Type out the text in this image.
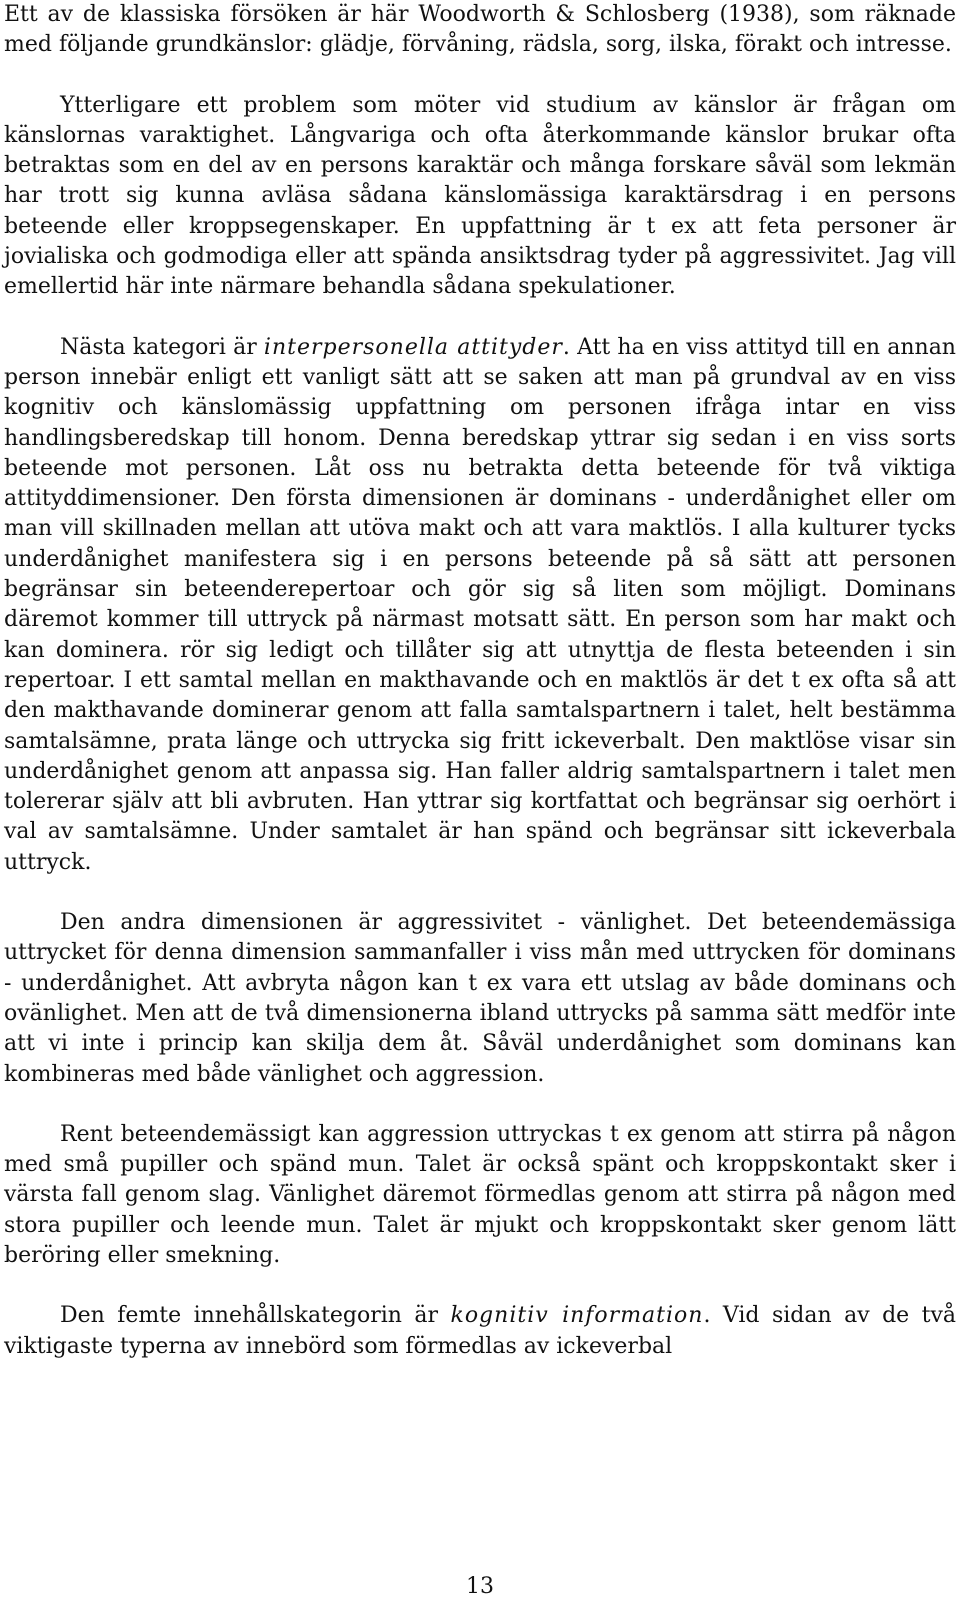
Ett av de klassiska försöken är här Woodworth & Schlosberg (1938), som räknade med följande grundkänslor: glädje, förvåning, rädsla, sorg, ilska, förakt och intresse.

Ytterligare ett problem som möter vid studium av känslor är frågan om känslornas varaktighet. Långvariga och ofta återkommande känslor brukar ofta betraktas som en del av en persons karaktär och många forskare såväl som lekmän har trott sig kunna avläsa sådana känslomässiga karaktärsdrag i en persons beteende eller kroppsegenskaper. En uppfattning är t ex att feta personer är jovialiska och godmodiga eller att spända ansiktsdrag tyder på aggressivitet. Jag vill emellertid här inte närmare behandla sådana spekulationer.

Nästa kategori är interpersonella attityder. Att ha en viss attityd till en annan person innebär enligt ett vanligt sätt att se saken att man på grundval av en viss kognitiv och känslomässig uppfattning om personen ifråga intar en viss handlingsberedskap till honom. Denna beredskap yttrar sig sedan i en viss sorts beteende mot personen. Låt oss nu betrakta detta beteende för två viktiga attityddimensioner. Den första dimensionen är dominans - underdånighet eller om man vill skillnaden mellan att utöva makt och att vara maktlös. I alla kulturer tycks underdånighet manifestera sig i en persons beteende på så sätt att personen begränsar sin beteenderepertoar och gör sig så liten som möjligt. Dominans däremot kommer till uttryck på närmast motsatt sätt. En person som har makt och kan dominera. rör sig ledigt och tillåter sig att utnyttja de flesta beteenden i sin repertoar. I ett samtal mellan en makthavande och en maktlös är det t ex ofta så att den makthavande dominerar genom att falla samtalspartnern i talet, helt bestämma samtalsämne, prata länge och uttrycka sig fritt ickeverbalt. Den maktlöse visar sin underdånighet genom att anpassa sig. Han faller aldrig samtalspartnern i talet men tolererar själv att bli avbruten. Han yttrar sig kortfattat och begränsar sig oerhört i val av samtalsämne. Under samtalet är han spänd och begränsar sitt ickeverbala uttryck.

Den andra dimensionen är aggressivitet - vänlighet. Det beteendemässiga uttrycket för denna dimension sammanfaller i viss mån med uttrycken för dominans - underdånighet. Att avbryta någon kan t ex vara ett utslag av både dominans och ovänlighet. Men att de två dimensionerna ibland uttrycks på samma sätt medför inte att vi inte i princip kan skilja dem åt. Såväl underdånighet som dominans kan kombineras med både vänlighet och aggression.

Rent beteendemässigt kan aggression uttryckas t ex genom att stirra på någon med små pupiller och spänd mun. Talet är också spänt och kroppskontakt sker i värsta fall genom slag. Vänlighet däremot förmedlas genom att stirra på någon med stora pupiller och leende mun. Talet är mjukt och kroppskontakt sker genom lätt beröring eller smekning.

Den femte innehållskategorin är kognitiv information. Vid sidan av de två viktigaste typerna av innebörd som förmedlas av ickeverbal

13
